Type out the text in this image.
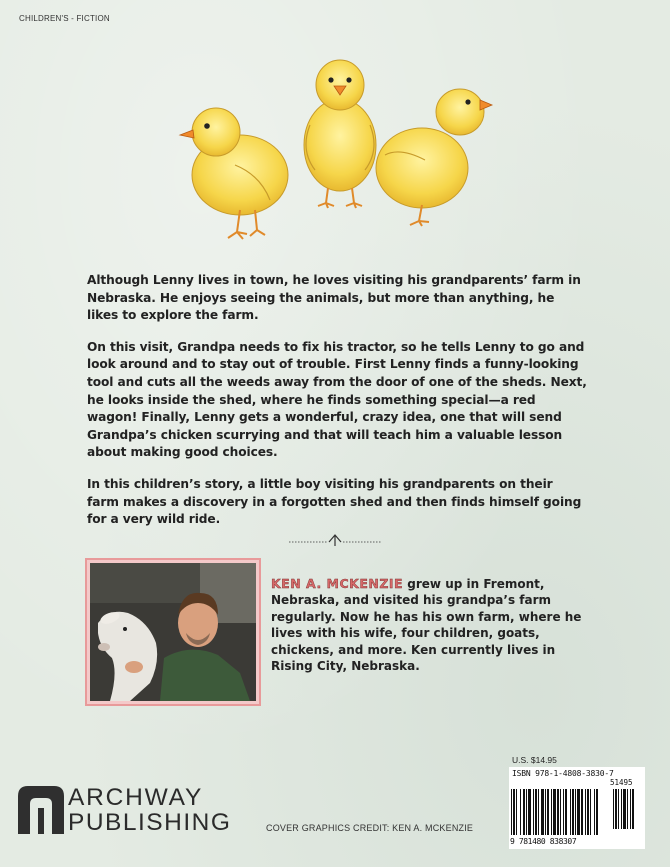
CHILDREN'S - FICTION

Although Lenny lives in town, he loves visiting his grandparents’ farm in Nebraska. He enjoys seeing the animals, but more than anything, he likes to explore the farm.

On this visit, Grandpa needs to fix his tractor, so he tells Lenny to go and look around and to stay out of trouble. First Lenny finds a funny-looking tool and cuts all the weeds away from the door of one of the sheds. Next, he looks inside the shed, where he finds something special—a red wagon! Finally, Lenny gets a wonderful, crazy idea, one that will send Grandpa’s chicken scurrying and that will teach him a valuable lesson about making good choices.

In this children’s story, a little boy visiting his grandparents on their farm makes a discovery in a forgotten shed and then finds himself going for a very wild ride.

KEN A. MCKENZIE grew up in Fremont, Nebraska, and visited his grandpa’s farm regularly. Now he has his own farm, where he lives with his wife, four children, goats, chickens, and more. Ken currently lives in Rising City, Nebraska.
U.S. $14.95
ISBN 978-1-4808-3830-7
51495
9 781480 838307
ARCHWAY
PUBLISHING	COVER GRAPHICS CREDIT: KEN A. MCKENZIE
